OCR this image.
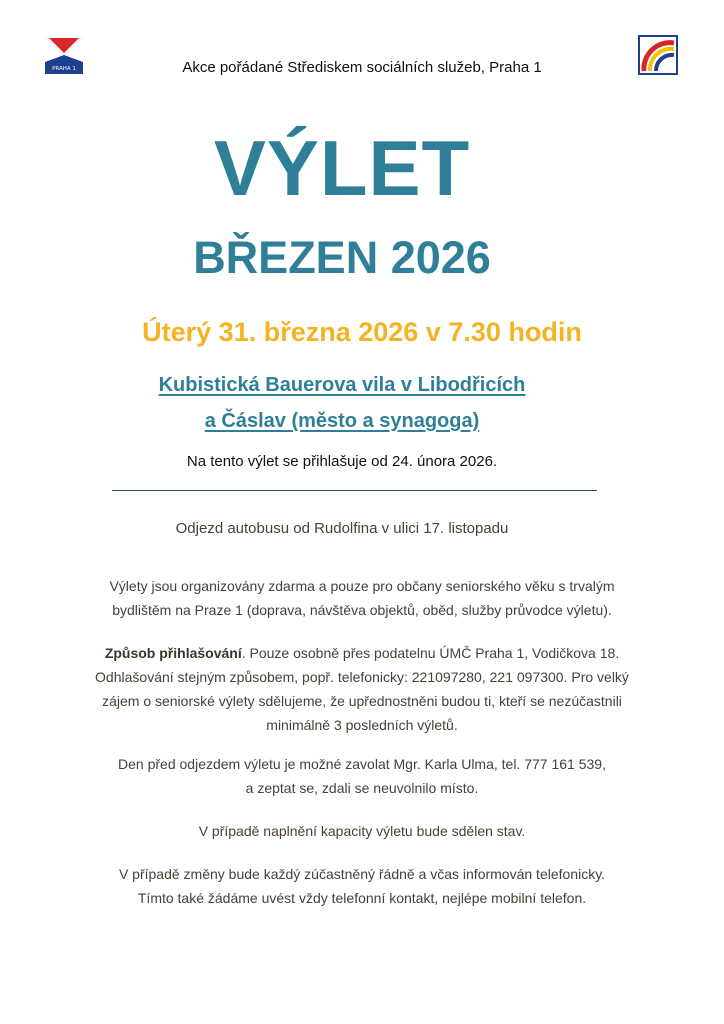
PRAHA 1	Akce pořádané Střediskem sociálních služeb, Praha 1
VÝLET
BŘEZEN 2026
Úterý 31. března 2026 v 7.30 hodin
Kubistická Bauerova vila v Libodřicích
a Čáslav (město a synagoga)
Na tento výlet se přihlašuje od 24. února 2026.
Odjezd autobusu od Rudolfina v ulici 17. listopadu
Výlety jsou organizovány zdarma a pouze pro občany seniorského věku s trvalým
bydlištěm na Praze 1 (doprava, návštěva objektů, oběd, služby průvodce výletu).
Způsob přihlašování. Pouze osobně přes podatelnu ÚMČ Praha 1, Vodičkova 18.
Odhlašování stejným způsobem, popř. telefonicky: 221097280, 221 097300. Pro velký
zájem o seniorské výlety sdělujeme, že upřednostněni budou ti, kteří se nezúčastnili
minimálně 3 posledních výletů.
Den před odjezdem výletu je možné zavolat Mgr. Karla Ulma, tel. 777 161 539,
a zeptat se, zdali se neuvolnilo místo.
V případě naplnění kapacity výletu bude sdělen stav.
V případě změny bude každý zúčastněný řádně a včas informován telefonicky.
Tímto také žádáme uvést vždy telefonní kontakt, nejlépe mobilní telefon.
